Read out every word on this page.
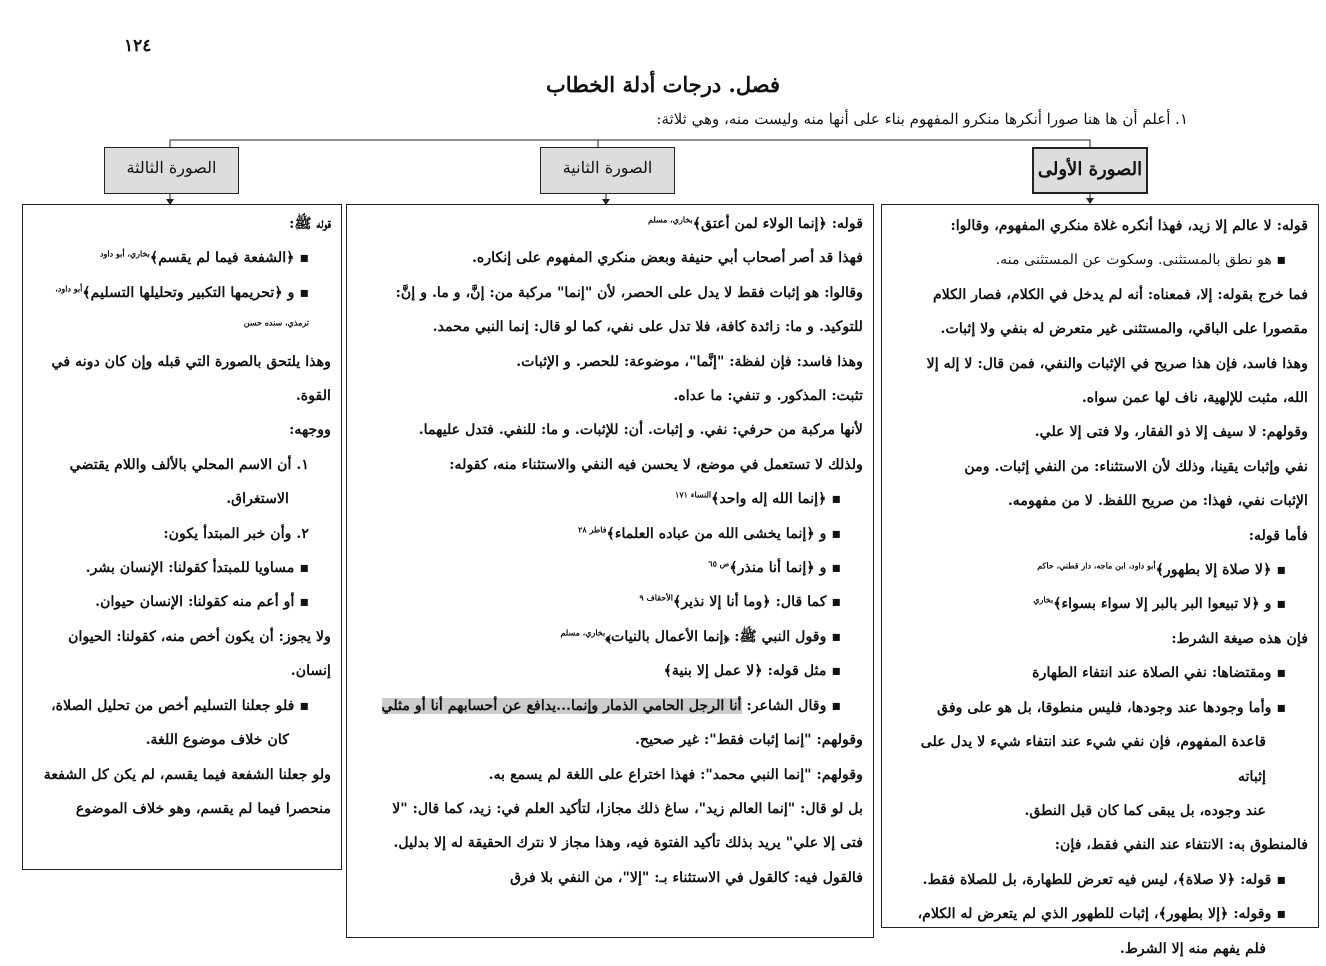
١٢٤
فصل. درجات أدلة الخطاب
١. أعلم أن ها هنا صورا أنكرها منكرو المفهوم بناء على أنها منه وليست منه، وهي ثلاثة:
الصورة الثالثة	الصورة الثانية	الصورة الأولى

قوله: لا عالم إلا زيد، فهذا أنكره غلاة منكري المفهوم، وقالوا:

▪ هو نطق بالمستثنى. وسكوت عن المستثنى منه.

فما خرج بقوله: إلا، فمعناه: أنه لم يدخل في الكلام، فصار الكلام

مقصورا على الباقي، والمستثنى غير متعرض له بنفي ولا إثبات.

وهذا فاسد، فإن هذا صريح في الإثبات والنفي، فمن قال: لا إله إلا

الله، مثبت للإلهية، ناف لها عمن سواه.

وقولهم: لا سيف إلا ذو الفقار، ولا فتى إلا علي.

نفي وإثبات يقينا، وذلك لأن الاستثناء: من النفي إثبات. ومن

الإثبات نفي، فهذا: من صريح اللفظ. لا من مفهومه.

فأما قوله:

▪ ﴿لا صلاة إلا بطهور﴾$^{أبو داود، ابن ماجه، دار قطني، حاكم}$

▪ و ﴿لا تبيعوا البر بالبر إلا سواء بسواء﴾$^{بخاري}$

فإن هذه صيغة الشرط:

▪ ومقتضاها: نفي الصلاة عند انتفاء الطهارة

▪ وأما وجودها عند وجودها، فليس منطوقا، بل هو على وفق

قاعدة المفهوم، فإن نفي شيء عند انتفاء شيء لا يدل على إثباته

عند وجوده، بل يبقى كما كان قبل النطق.

فالمنطوق به: الانتفاء عند النفي فقط، فإن:

▪ قوله: ﴿لا صلاة﴾، ليس فيه تعرض للطهارة، بل للصلاة فقط.

▪ وقوله: ﴿إلا بطهور﴾، إثبات للطهور الذي لم يتعرض له الكلام،

فلم يفهم منه إلا الشرط.

قوله: ﴿إنما الولاء لمن أعتق﴾$^{بخاري، مسلم}$

فهذا قد أصر أصحاب أبي حنيفة وبعض منكري المفهوم على إنكاره.

وقالوا: هو إثبات فقط لا يدل على الحصر، لأن "إنما" مركبة من: إنَّ، و ما. و إنَّ:

للتوكيد. و ما: زائدة كافة، فلا تدل على نفي، كما لو قال: إنما النبي محمد.

وهذا فاسد: فإن لفظة: "إنَّما"، موضوعة: للحصر. و الإثبات.

تثبت: المذكور. و تنفي: ما عداه.

لأنها مركبة من حرفي: نفي. و إثبات. أن: للإثبات. و ما: للنفي. فتدل عليهما.

ولذلك لا تستعمل في موضع، لا يحسن فيه النفي والاستثناء منه، كقوله:

▪ ﴿إنما الله إله واحد﴾$^{النساء ١٧١}$

▪ و ﴿إنما يخشى الله من عباده العلماء﴾$^{فاطر ٢٨}$

▪ و ﴿إنما أنا منذر﴾$^{ص ٦٥}$

▪ كما قال: ﴿وما أنا إلا نذير﴾$^{الأحقاف ٩}$

▪ وقول النبي ﷺ: ﴿إنما الأعمال بالنيات﴾$^{بخاري، مسلم}$

▪ مثل قوله: ﴿لا عمل إلا بنية﴾

▪ وقال الشاعر: أنا الرجل الحامي الذمار وإنما...يدافع عن أحسابهم أنا أو مثلي

وقولهم: "إنما إثبات فقط": غير صحيح.

وقولهم: "إنما النبي محمد": فهذا اختراع على اللغة لم يسمع به.

بل لو قال: "إنما العالم زيد"، ساغ ذلك مجازا، لتأكيد العلم في: زيد، كما قال: "لا

فتى إلا علي" يريد بذلك تأكيد الفتوة فيه، وهذا مجاز لا نترك الحقيقة له إلا بدليل.

فالقول فيه: كالقول في الاستثناء بـ: "إلا"، من النفي بلا فرق

قوله ﷺ:

▪ ﴿الشفعة فيما لم يقسم﴾$^{بخاري، أبو داود}$

▪ و ﴿تحريمها التكبير وتحليلها التسليم﴾$^{أبو داود، ترمذي، سنده حسن}$

وهذا يلتحق بالصورة التي قبله وإن كان دونه في

القوة.

ووجهه:

١. أن الاسم المحلي بالألف واللام يقتضي

الاستغراق.

٢. وأن خبر المبتدأ يكون:

▪ مساويا للمبتدأ كقولنا: الإنسان بشر.

▪ أو أعم منه كقولنا: الإنسان حيوان.

ولا يجوز: أن يكون أخص منه، كقولنا: الحيوان

إنسان.

▪ فلو جعلنا التسليم أخص من تحليل الصلاة،

كان خلاف موضوع اللغة.

ولو جعلنا الشفعة فيما يقسم، لم يكن كل الشفعة

منحصرا فيما لم يقسم، وهو خلاف الموضوع
